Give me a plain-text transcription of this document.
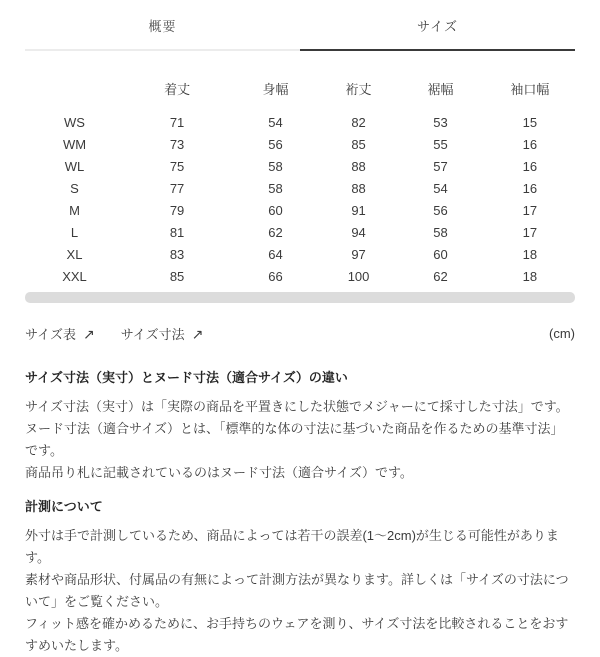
概要	サイズ
	着丈	身幅	裄丈	裾幅	袖口幅
WS	71	54	82	53	15
WM	73	56	85	55	16
WL	75	58	88	57	16
S	77	58	88	54	16
M	79	60	91	56	17
L	81	62	94	58	17
XL	83	64	97	60	18
XXL	85	66	100	62	18
サイズ表 ↗ サイズ寸法 ↗	(cm)
サイズ寸法（実寸）とヌード寸法（適合サイズ）の違い

サイズ寸法（実寸）は「実際の商品を平置きにした状態でメジャーにて採寸した寸法」です。

ヌード寸法（適合サイズ）とは、「標準的な体の寸法に基づいた商品を作るための基準寸法」です。

商品吊り札に記載されているのはヌード寸法（適合サイズ）です。

計測について

外寸は手で計測しているため、商品によっては若干の誤差(1〜2cm)が生じる可能性があります。

素材や商品形状、付属品の有無によって計測方法が異なります。詳しくは「サイズの寸法について」をご覧ください。

フィット感を確かめるために、お手持ちのウェアを測り、サイズ寸法を比較されることをおすすめいたします。
